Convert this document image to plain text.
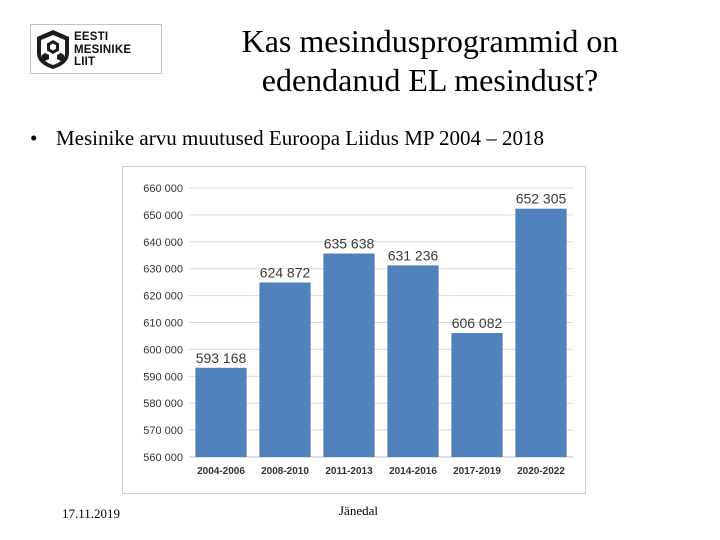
EESTI
MESINIKE
LIIT
Kas mesindusprogrammid on
edendanud EL mesindust?
• Mesinike arvu muutused Euroopa Liidus MP 2004 – 2018
560 000
570 000
580 000
590 000
600 000
610 000
620 000
630 000
640 000
650 000
660 000
593 168
624 872
635 638
631 236
606 082
652 305
2004-2006 2008-2010 2011-2013 2014-2016 2017-2019 2020-2022
17.11.2019	Jänedal
